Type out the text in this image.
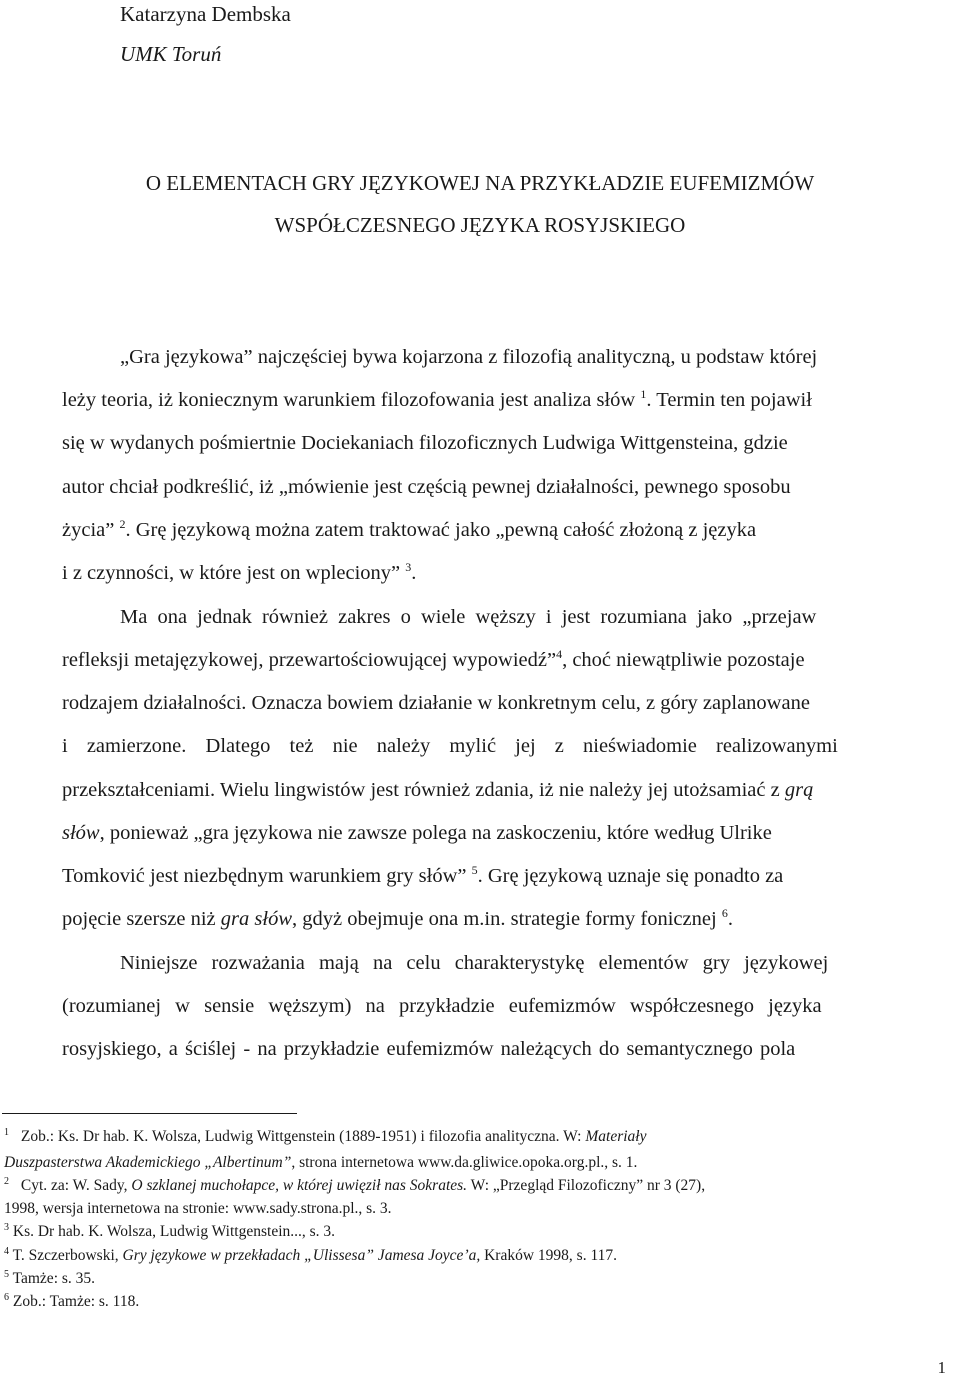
Katarzyna Dembska
UMK Toruń
O ELEMENTACH GRY JĘZYKOWEJ NA PRZYKŁADZIE EUFEMIZMÓW
WSPÓŁCZESNEGO JĘZYKA ROSYJSKIEGO
„Gra językowa” najczęściej bywa kojarzona z filozofią analityczną, u podstaw której
leży teoria, iż koniecznym warunkiem filozofowania jest analiza słów $^1$. Termin ten pojawił
się w wydanych pośmiertnie Dociekaniach filozoficznych Ludwiga Wittgensteina, gdzie
autor chciał podkreślić, iż „mówienie jest częścią pewnej działalności, pewnego sposobu
życia” $^2$. Grę językową można zatem traktować jako „pewną całość złożoną z języka
i z czynności, w które jest on wpleciony” $^3$.
Ma ona jednak również zakres o wiele węższy i jest rozumiana jako „przejaw
refleksji metajęzykowej, przewartościowującej wypowiedź”$^4$, choć niewątpliwie pozostaje
rodzajem działalności. Oznacza bowiem działanie w konkretnym celu, z góry zaplanowane
i zamierzone. Dlatego też nie należy mylić jej z nieświadomie realizowanymi
przekształceniami. Wielu lingwistów jest również zdania, iż nie należy jej utożsamiać z grą
słów, ponieważ „gra językowa nie zawsze polega na zaskoczeniu, które według Ulrike
Tomković jest niezbędnym warunkiem gry słów” $^5$. Grę językową uznaje się ponadto za
pojęcie szersze niż gra słów, gdyż obejmuje ona m.in. strategie formy fonicznej $^6$.
Niniejsze rozważania mają na celu charakterystykę elementów gry językowej
(rozumianej w sensie węższym) na przykładzie eufemizmów współczesnego języka
rosyjskiego, a ściślej - na przykładzie eufemizmów należących do semantycznego pola
$^1$ Zob.: Ks. Dr hab. K. Wolsza, Ludwig Wittgenstein (1889-1951) i filozofia analityczna. W: Materiały
Duszpasterstwa Akademickiego „Albertinum”, strona internetowa www.da.gliwice.opoka.org.pl., s. 1.
$^2$ Cyt. za: W. Sady, O szklanej muchołapce, w której uwięził nas Sokrates. W: „Przegląd Filozoficzny” nr 3 (27),
1998, wersja internetowa na stronie: www.sady.strona.pl., s. 3.
$^3$ Ks. Dr hab. K. Wolsza, Ludwig Wittgenstein..., s. 3.
$^4$ T. Szczerbowski, Gry językowe w przekładach „Ulissesa” Jamesa Joyce’a, Kraków 1998, s. 117.
$^5$ Tamże: s. 35.
$^6$ Zob.: Tamże: s. 118.
1
